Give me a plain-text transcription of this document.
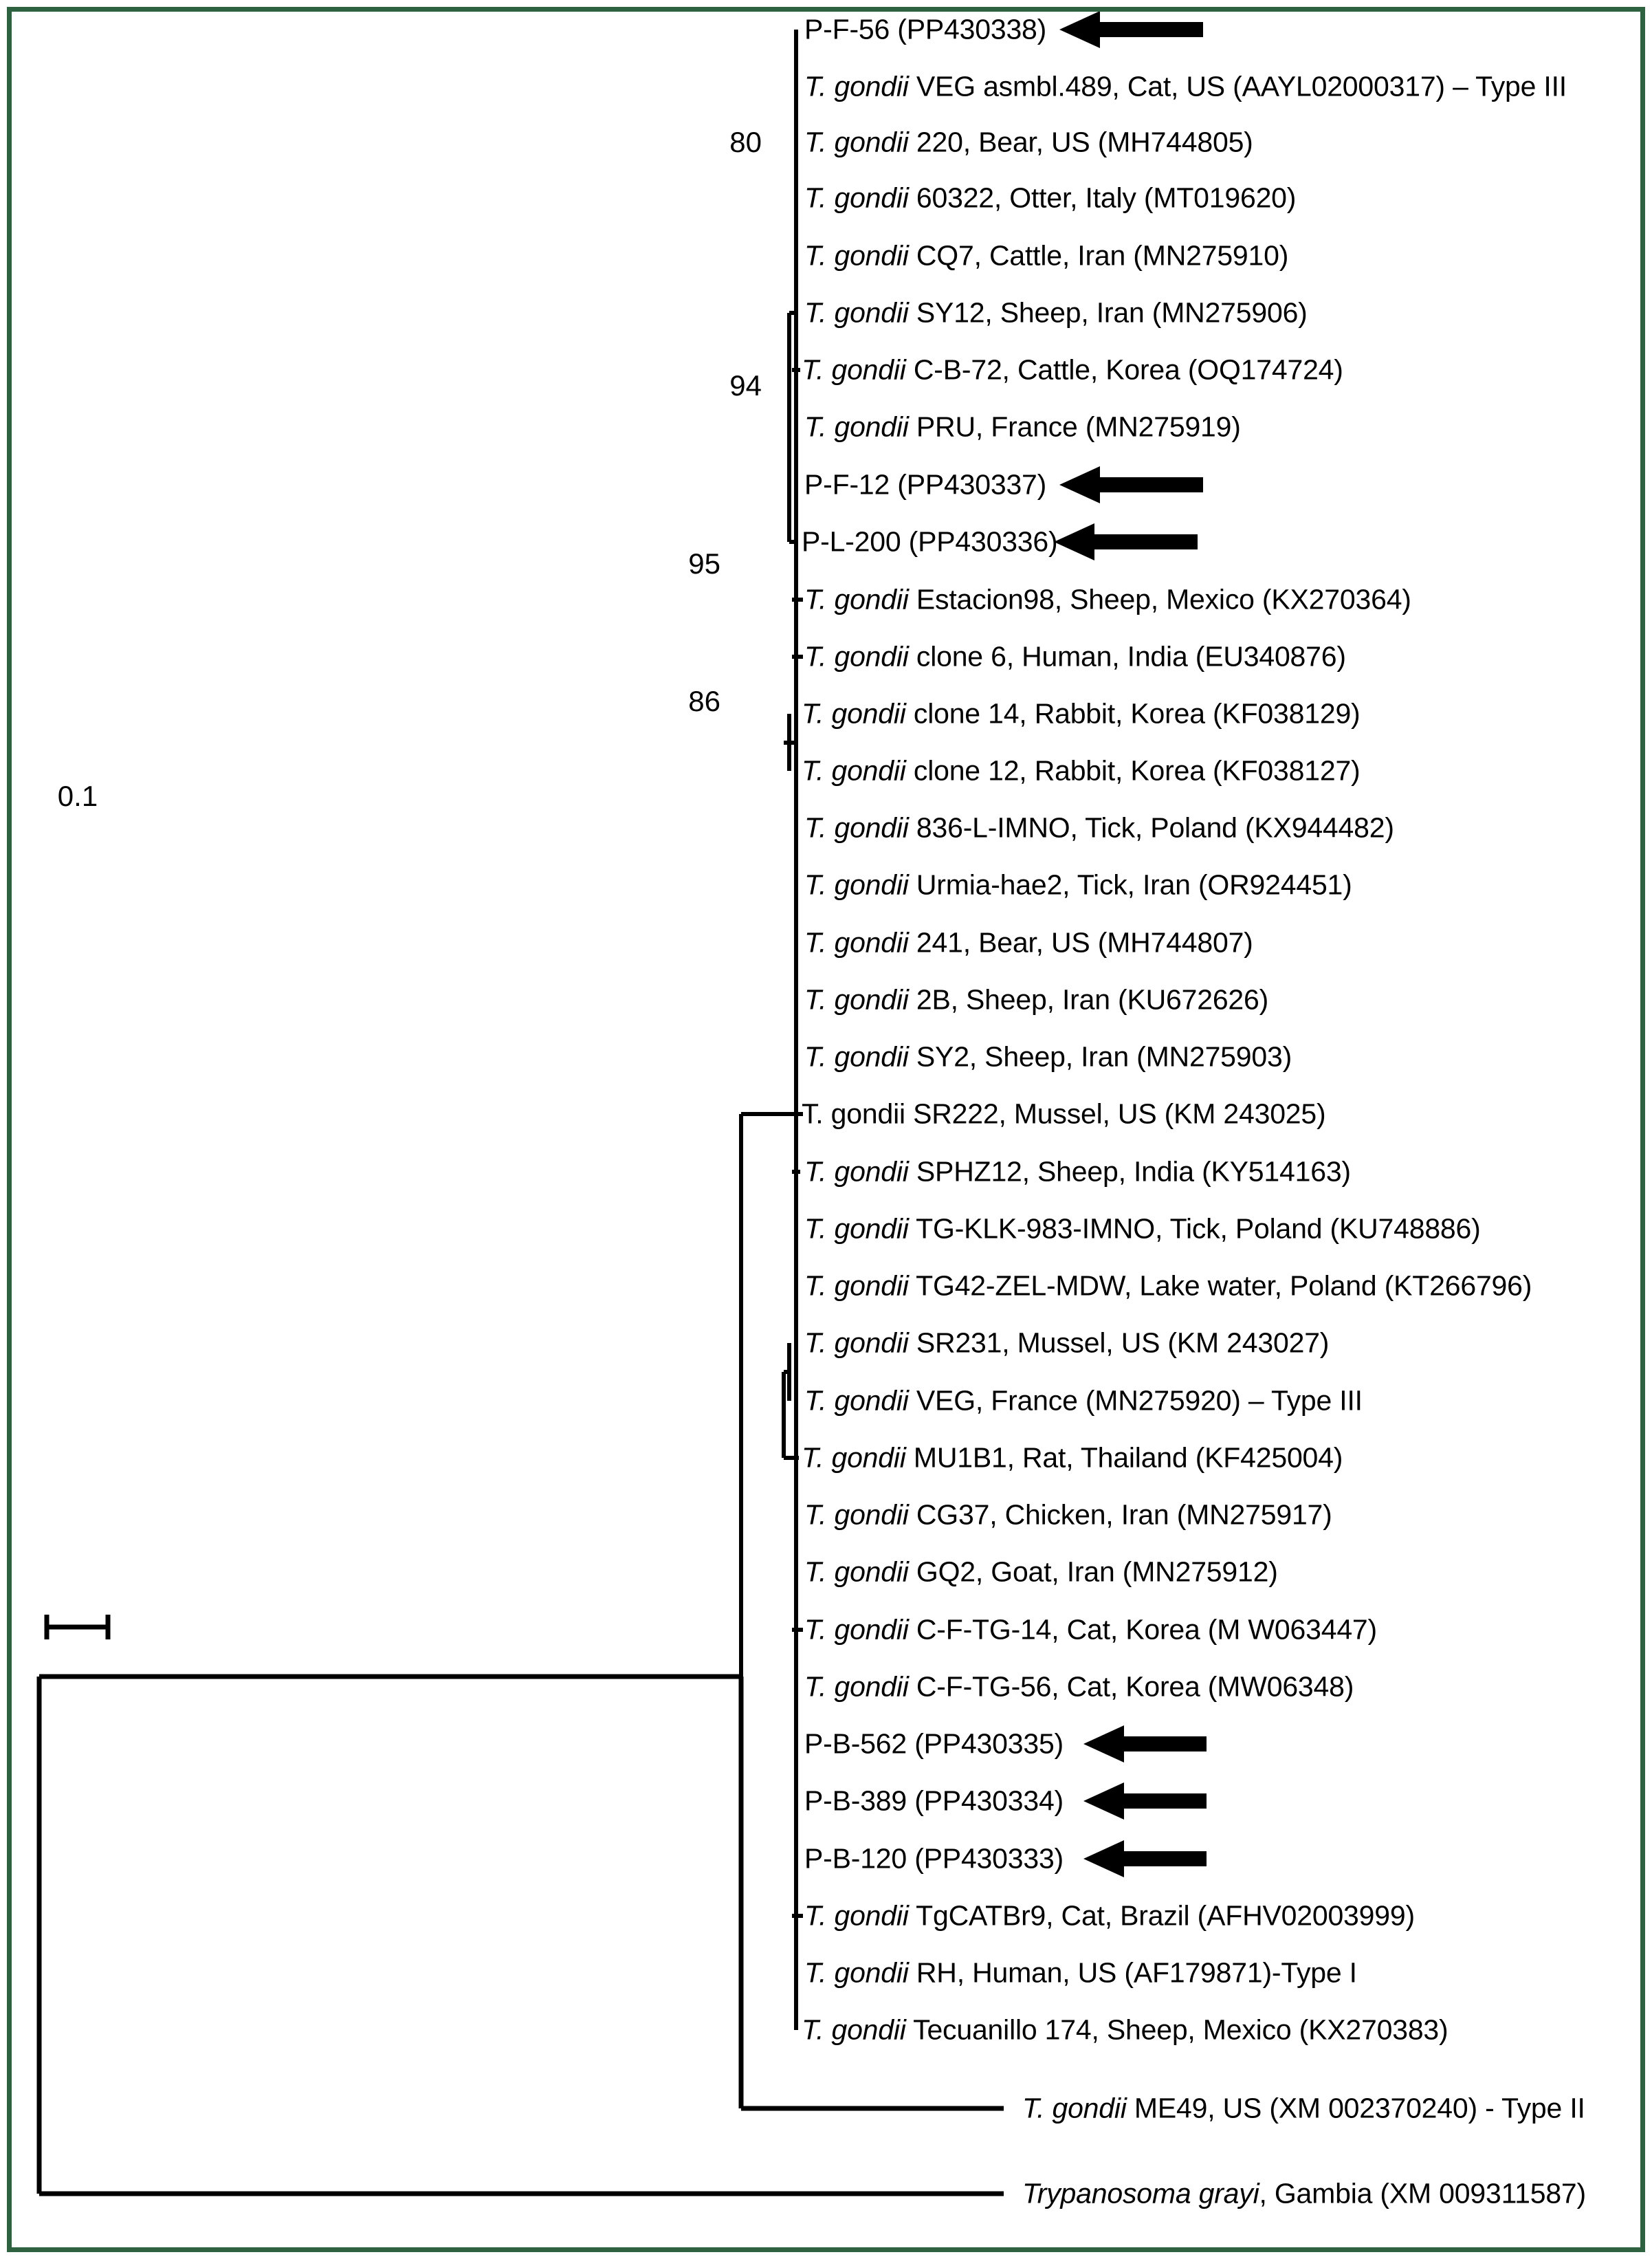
P-F-56 (PP430338)
T. gondii VEG asmbl.489, Cat, US (AAYL02000317) – Type III
T. gondii 220, Bear, US (MH744805)
T. gondii 60322, Otter, Italy (MT019620)
T. gondii CQ7, Cattle, Iran (MN275910)
T. gondii SY12, Sheep, Iran (MN275906)
T. gondii C-B-72, Cattle, Korea (OQ174724)
T. gondii PRU, France (MN275919)
P-F-12 (PP430337)
P-L-200 (PP430336)
T. gondii Estacion98, Sheep, Mexico (KX270364)
T. gondii clone 6, Human, India (EU340876)
T. gondii clone 14, Rabbit, Korea (KF038129)
T. gondii clone 12, Rabbit, Korea (KF038127)
T. gondii 836-L-IMNO, Tick, Poland (KX944482)
T. gondii Urmia-hae2, Tick, Iran (OR924451)
T. gondii 241, Bear, US (MH744807)
T. gondii 2B, Sheep, Iran (KU672626)
T. gondii SY2, Sheep, Iran (MN275903)
T. gondii SR222, Mussel, US (KM 243025)
T. gondii SPHZ12, Sheep, India (KY514163)
T. gondii TG-KLK-983-IMNO, Tick, Poland (KU748886)
T. gondii TG42-ZEL-MDW, Lake water, Poland (KT266796)
T. gondii SR231, Mussel, US (KM 243027)
T. gondii VEG, France (MN275920) – Type III
T. gondii MU1B1, Rat, Thailand (KF425004)
T. gondii CG37, Chicken, Iran (MN275917)
T. gondii GQ2, Goat, Iran (MN275912)
T. gondii C-F-TG-14, Cat, Korea (M W063447)
T. gondii C-F-TG-56, Cat, Korea (MW06348)
P-B-562 (PP430335)
P-B-389 (PP430334)
P-B-120 (PP430333)
T. gondii TgCATBr9, Cat, Brazil (AFHV02003999)
T. gondii RH, Human, US (AF179871)-Type I
T. gondii Tecuanillo 174, Sheep, Mexico (KX270383)
T. gondii ME49, US (XM 002370240) - Type II
Trypanosoma grayi, Gambia (XM 009311587)
80
94
95
86
0.1
